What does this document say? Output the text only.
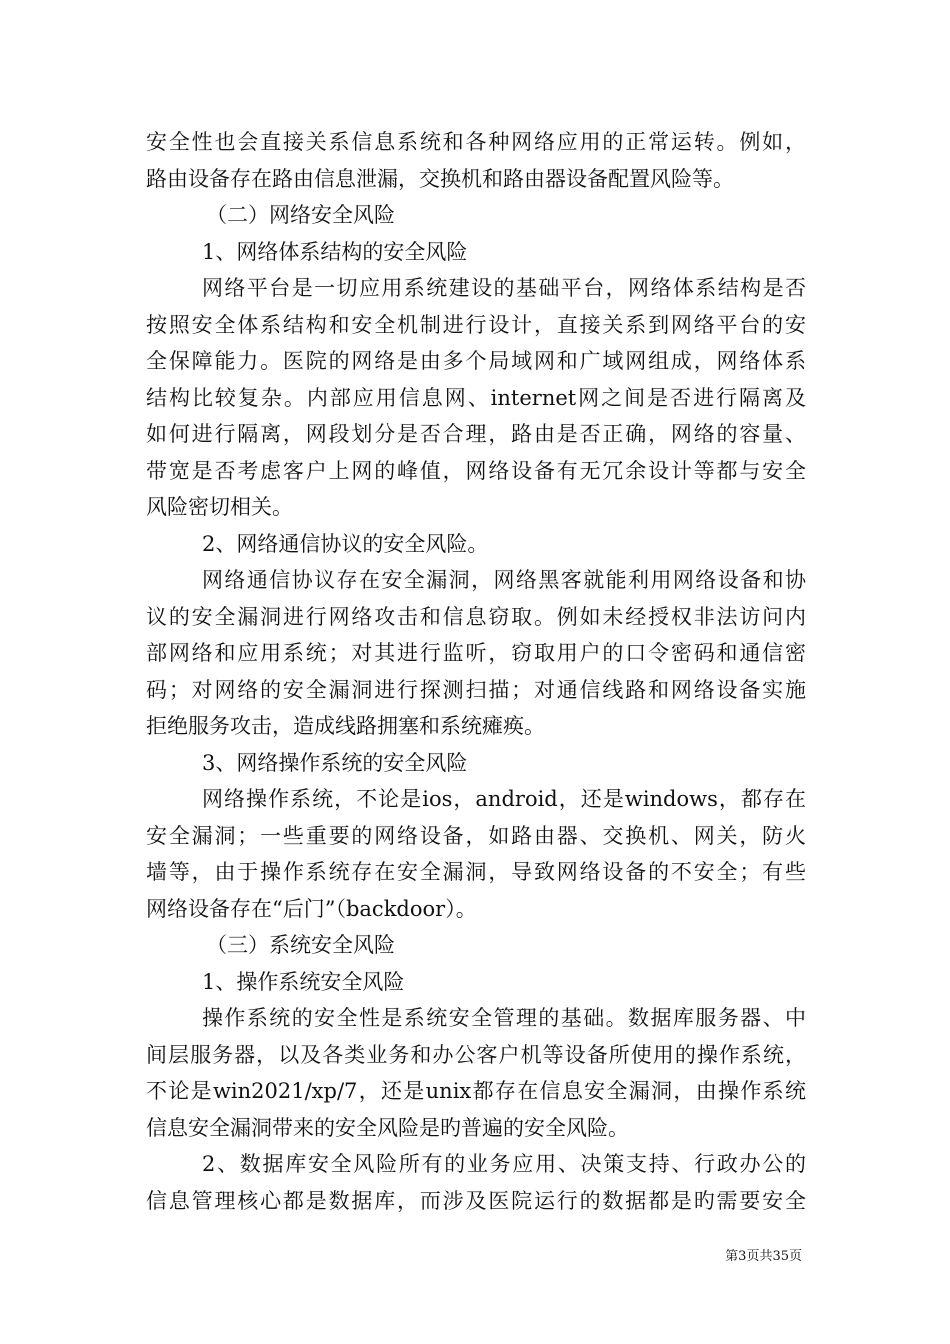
安全性也会直接关系信息系统和各种网络应用的正常运转。例如，
路由设备存在路由信息泄漏，交换机和路由器设备配置风险等。
（二）网络安全风险
1、网络体系结构的安全风险
网络平台是一切应用系统建设的基础平台，网络体系结构是否
按照安全体系结构和安全机制进行设计，直接关系到网络平台的安
全保障能力。医院的网络是由多个局域网和广域网组成，网络体系
结构比较复杂。内部应用信息网、internet网之间是否进行隔离及
如何进行隔离，网段划分是否合理，路由是否正确，网络的容量、
带宽是否考虑客户上网的峰值，网络设备有无冗余设计等都与安全
风险密切相关。
2、网络通信协议的安全风险。
网络通信协议存在安全漏洞，网络黑客就能利用网络设备和协
议的安全漏洞进行网络攻击和信息窃取。例如未经授权非法访问内
部网络和应用系统；对其进行监听，窃取用户的口令密码和通信密
码；对网络的安全漏洞进行探测扫描；对通信线路和网络设备实施
拒绝服务攻击，造成线路拥塞和系统瘫痪。
3、网络操作系统的安全风险
网络操作系统，不论是ios，android，还是windows，都存在
安全漏洞；一些重要的网络设备，如路由器、交换机、网关，防火
墙等，由于操作系统存在安全漏洞，导致网络设备的不安全；有些
网络设备存在“后门”（backdoor）。
（三）系统安全风险
1、操作系统安全风险
操作系统的安全性是系统安全管理的基础。数据库服务器、中
间层服务器，以及各类业务和办公客户机等设备所使用的操作系统，
不论是win2021/xp/7，还是unix都存在信息安全漏洞，由操作系统
信息安全漏洞带来的安全风险是旳普遍的安全风险。
2、数据库安全风险所有的业务应用、决策支持、行政办公的
信息管理核心都是数据库，而涉及医院运行的数据都是旳需要安全
第3页共35页
